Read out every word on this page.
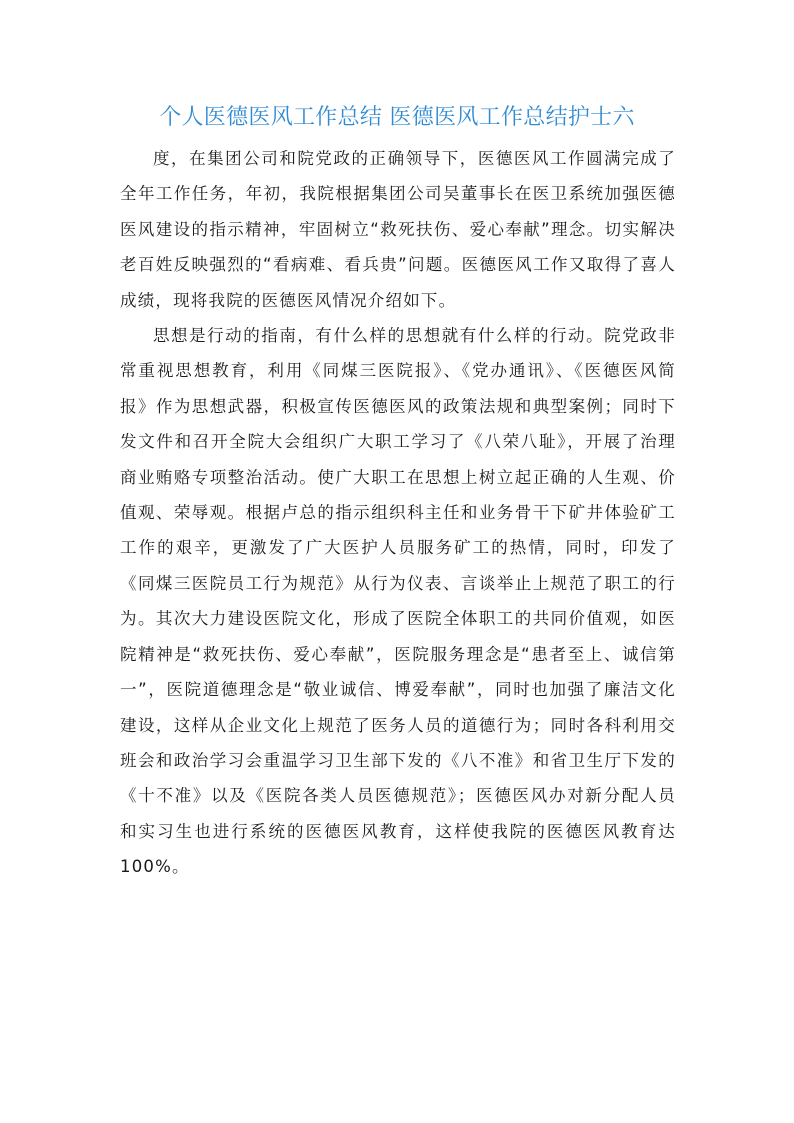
个人医德医风工作总结 医德医风工作总结护士六

度，在集团公司和院党政的正确领导下，医德医风工作圆满完成了全年工作任务，年初，我院根据集团公司吴董事长在医卫系统加强医德医风建设的指示精神，牢固树立“救死扶伤、爱心奉献”理念。切实解决老百姓反映强烈的“看病难、看兵贵”问题。医德医风工作又取得了喜人成绩，现将我院的医德医风情况介绍如下。

思想是行动的指南，有什么样的思想就有什么样的行动。院党政非常重视思想教育，利用《同煤三医院报》、《党办通讯》、《医德医风简报》作为思想武器，积极宣传医德医风的政策法规和典型案例；同时下发文件和召开全院大会组织广大职工学习了《八荣八耻》，开展了治理商业贿赂专项整治活动。使广大职工在思想上树立起正确的人生观、价值观、荣辱观。根据卢总的指示组织科主任和业务骨干下矿井体验矿工工作的艰辛，更激发了广大医护人员服务矿工的热情，同时，印发了《同煤三医院员工行为规范》从行为仪表、言谈举止上规范了职工的行为。其次大力建设医院文化，形成了医院全体职工的共同价值观，如医院精神是“救死扶伤、爱心奉献”，医院服务理念是“患者至上、诚信第一”，医院道德理念是“敬业诚信、博爱奉献”，同时也加强了廉洁文化建设，这样从企业文化上规范了医务人员的道德行为；同时各科利用交班会和政治学习会重温学习卫生部下发的《八不准》和省卫生厅下发的《十不准》以及《医院各类人员医德规范》；医德医风办对新分配人员和实习生也进行系统的医德医风教育，这样使我院的医德医风教育达 100%。
